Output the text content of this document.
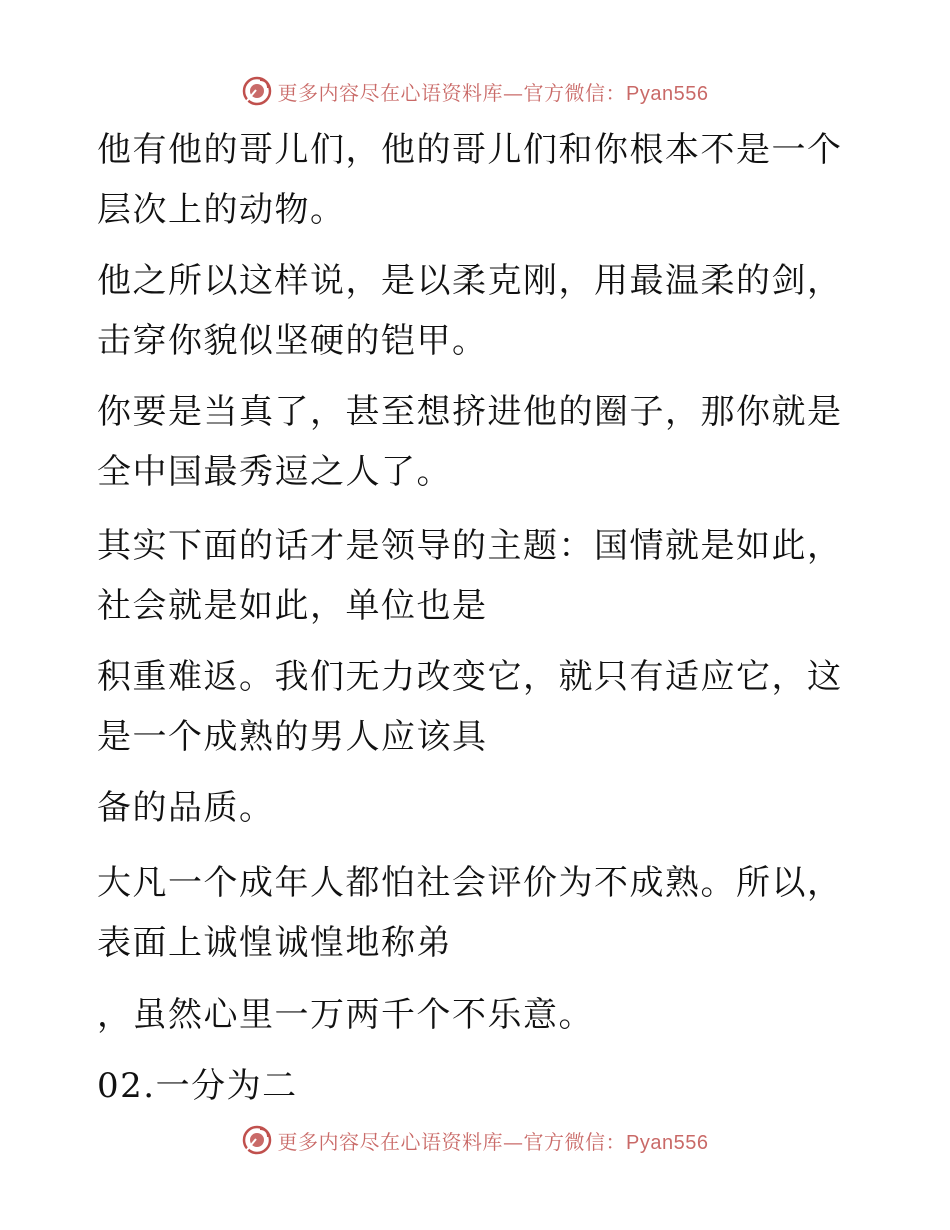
更多内容尽在心语资料库—官方微信：Pyan556
他有他的哥儿们，他的哥儿们和你根本不是一个
层次上的动物。
他之所以这样说，是以柔克刚，用最温柔的剑，
击穿你貌似坚硬的铠甲。
你要是当真了，甚至想挤进他的圈子，那你就是
全中国最秀逗之人了。
其实下面的话才是领导的主题：国情就是如此，
社会就是如此，单位也是
积重难返。我们无力改变它，就只有适应它，这
是一个成熟的男人应该具
备的品质。
大凡一个成年人都怕社会评价为不成熟。所以，
表面上诚惶诚惶地称弟
，虽然心里一万两千个不乐意。
02.一分为二
更多内容尽在心语资料库—官方微信：Pyan556
